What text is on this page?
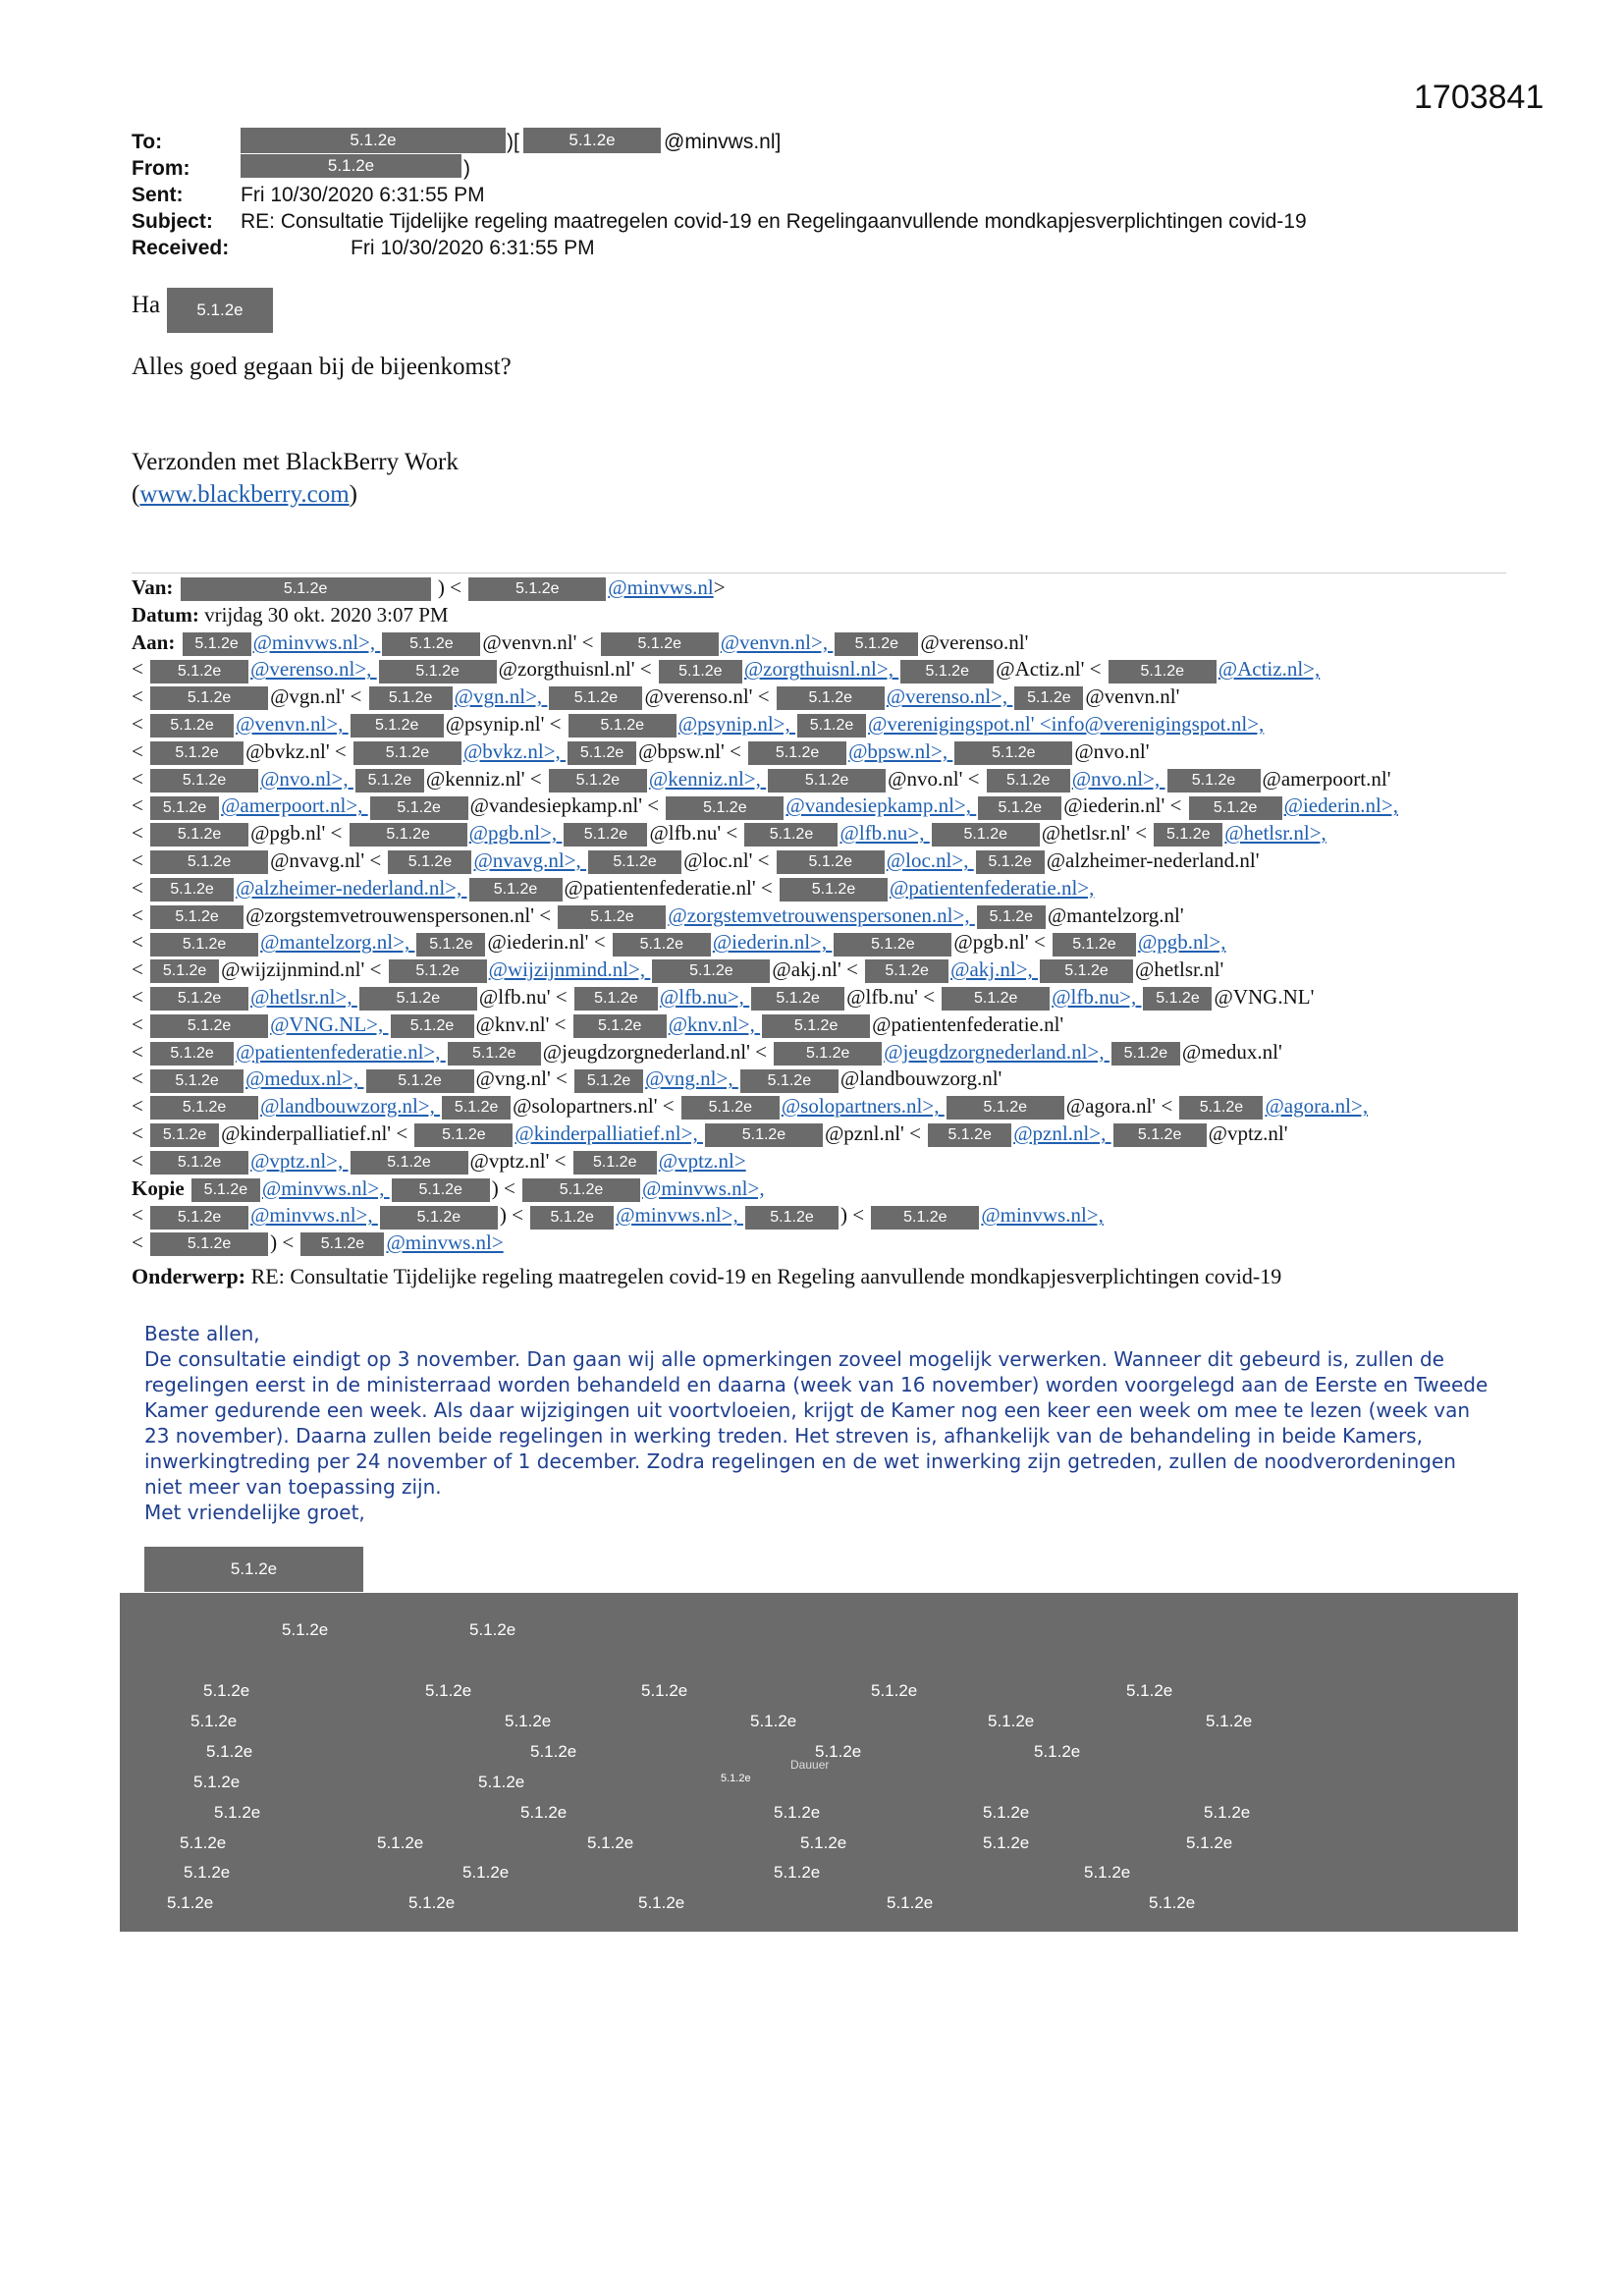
1703841
To:	5.1.2e	)[	5.1.2e	@minvws.nl]
From:	5.1.2e	)
Sent:	Fri 10/30/2020 6:31:55 PM
Subject:	RE: Consultatie Tijdelijke regeling maatregelen covid-19 en Regelingaanvullende mondkapjesverplichtingen covid-19
Received:	Fri 10/30/2020 6:31:55 PM
Ha	5.1.2e
Alles goed gegaan bij de bijeenkomst?
Verzonden met BlackBerry Work
(www.blackberry.com)
Van:	5.1.2e	) <	5.1.2e @minvws.nl>
Datum: vrijdag 30 okt. 2020 3:07 PM
Aan: 5.1.2e @minvws.nl>, 5.1.2e @venvn.nl' < 5.1.2e @venvn.nl>, 5.1.2e @verenso.nl'
< 5.1.2e @verenso.nl>, 5.1.2e @zorgthuisnl.nl' < 5.1.2e @zorgthuisnl.nl>, 5.1.2e @Actiz.nl' < 5.1.2e @Actiz.nl>,
< 5.1.2e @vgn.nl' < 5.1.2e @vgn.nl>, 5.1.2e @verenso.nl' < 5.1.2e @verenso.nl>, 5.1.2e @venvn.nl'
< 5.1.2e @venvn.nl>, 5.1.2e @psynip.nl' < 5.1.2e @psynip.nl>, 5.1.2e @verenigingspot.nl' <info@verenigingspot.nl>,
< 5.1.2e @bvkz.nl' < 5.1.2e @bvkz.nl>, 5.1.2e @bpsw.nl' < 5.1.2e @bpsw.nl>, 5.1.2e @nvo.nl'
< 5.1.2e @nvo.nl>, 5.1.2e @kenniz.nl' < 5.1.2e @kenniz.nl>, 5.1.2e @nvo.nl' < 5.1.2e @nvo.nl>, 5.1.2e @amerpoort.nl'
< 5.1.2e @amerpoort.nl>, 5.1.2e @vandesiepkamp.nl' < 5.1.2e @vandesiepkamp.nl>, 5.1.2e @iederin.nl' < 5.1.2e @iederin.nl>,
< 5.1.2e @pgb.nl' < 5.1.2e @pgb.nl>, 5.1.2e @lfb.nu' < 5.1.2e @lfb.nu>, 5.1.2e @hetlsr.nl' < 5.1.2e @hetlsr.nl>,
< 5.1.2e @nvavg.nl' < 5.1.2e @nvavg.nl>, 5.1.2e @loc.nl' < 5.1.2e @loc.nl>, 5.1.2e @alzheimer-nederland.nl'
< 5.1.2e @alzheimer-nederland.nl>, 5.1.2e @patientenfederatie.nl' < 5.1.2e @patientenfederatie.nl>,
< 5.1.2e @zorgstemvetrouwenspersonen.nl' < 5.1.2e @zorgstemvetrouwenspersonen.nl>, 5.1.2e @mantelzorg.nl'
< 5.1.2e @mantelzorg.nl>, 5.1.2e @iederin.nl' < 5.1.2e @iederin.nl>, 5.1.2e @pgb.nl' < 5.1.2e @pgb.nl>,
< 5.1.2e @wijzijnmind.nl' < 5.1.2e @wijzijnmind.nl>, 5.1.2e @akj.nl' < 5.1.2e @akj.nl>, 5.1.2e @hetlsr.nl'
< 5.1.2e @hetlsr.nl>, 5.1.2e @lfb.nu' < 5.1.2e @lfb.nu>, 5.1.2e @lfb.nu' < 5.1.2e @lfb.nu>, 5.1.2e @VNG.NL'
< 5.1.2e @VNG.NL>, 5.1.2e @knv.nl' < 5.1.2e @knv.nl>, 5.1.2e @patientenfederatie.nl'
< 5.1.2e @patientenfederatie.nl>, 5.1.2e @jeugdzorgnederland.nl' < 5.1.2e @jeugdzorgnederland.nl>, 5.1.2e @medux.nl'
< 5.1.2e @medux.nl>, 5.1.2e @vng.nl' < 5.1.2e @vng.nl>, 5.1.2e @landbouwzorg.nl'
< 5.1.2e @landbouwzorg.nl>, 5.1.2e @solopartners.nl' < 5.1.2e @solopartners.nl>, 5.1.2e @agora.nl' < 5.1.2e @agora.nl>,
< 5.1.2e @kinderpalliatief.nl' < 5.1.2e @kinderpalliatief.nl>, 5.1.2e @pznl.nl' < 5.1.2e @pznl.nl>, 5.1.2e @vptz.nl'
< 5.1.2e @vptz.nl>, 5.1.2e @vptz.nl' < 5.1.2e @vptz.nl>
Kopie 5.1.2e @minvws.nl>, 5.1.2e ) < 5.1.2e @minvws.nl>,
< 5.1.2e @minvws.nl>, 5.1.2e ) < 5.1.2e @minvws.nl>, 5.1.2e ) < 5.1.2e @minvws.nl>,
< 5.1.2e ) < 5.1.2e @minvws.nl>
Onderwerp: RE: Consultatie Tijdelijke regeling maatregelen covid-19 en Regeling aanvullende mondkapjesverplichtingen covid-19
Beste allen,
De consultatie eindigt op 3 november. Dan gaan wij alle opmerkingen zoveel mogelijk verwerken. Wanneer dit gebeurd is, zullen de regelingen eerst in de ministerraad worden behandeld en daarna (week van 16 november) worden voorgelegd aan de Eerste en Tweede Kamer gedurende een week. Als daar wijzigingen uit voortvloeien, krijgt de Kamer nog een keer een week om mee te lezen (week van 23 november). Daarna zullen beide regelingen in werking treden. Het streven is, afhankelijk van de behandeling in beide Kamers, inwerkingtreding per 24 november of 1 december. Zodra regelingen en de wet inwerking zijn getreden, zullen de noodverordeningen niet meer van toepassing zijn.
Met vriendelijke groet,
5.1.2e
5.1.2e	5.1.2e
5.1.2e	5.1.2e	5.1.2e	5.1.2e	5.1.2e
5.1.2e	5.1.2e	5.1.2e	5.1.2e	5.1.2e
5.1.2e	5.1.2e	5.1.2e	5.1.2e
Dauuer
5.1.2e	5.1.2e	5.1.2e
5.1.2e	5.1.2e	5.1.2e	5.1.2e	5.1.2e
5.1.2e	5.1.2e	5.1.2e	5.1.2e	5.1.2e	5.1.2e
5.1.2e	5.1.2e	5.1.2e	5.1.2e
5.1.2e	5.1.2e	5.1.2e	5.1.2e	5.1.2e
